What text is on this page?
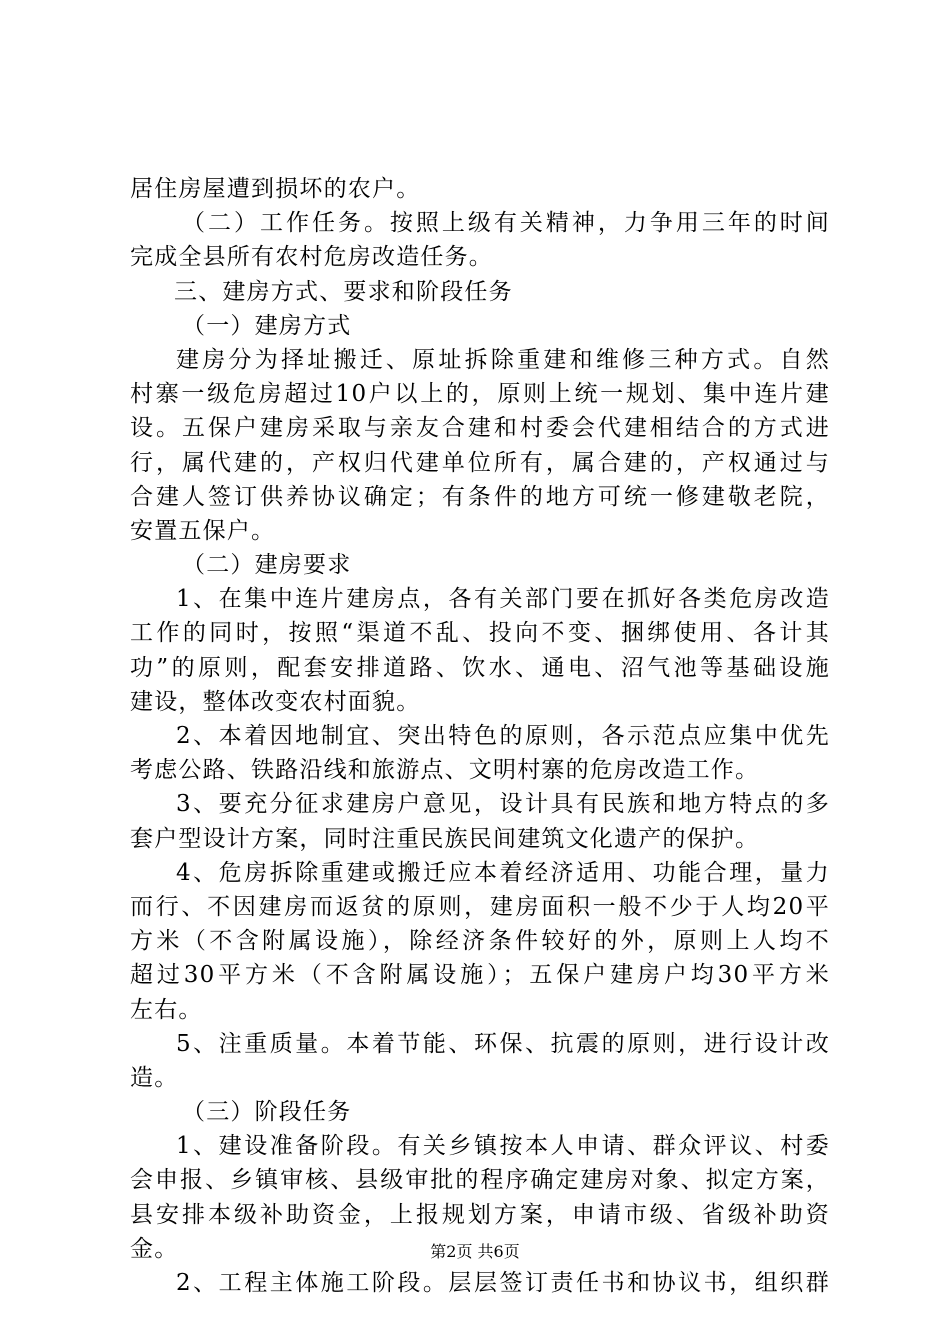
居住房屋遭到损坏的农户。
（二）工作任务。按照上级有关精神，力争用三年的时间
完成全县所有农村危房改造任务。
三、建房方式、要求和阶段任务
（一）建房方式
建房分为择址搬迁、原址拆除重建和维修三种方式。自然
村寨一级危房超过10户以上的，原则上统一规划、集中连片建
设。五保户建房采取与亲友合建和村委会代建相结合的方式进
行，属代建的，产权归代建单位所有，属合建的，产权通过与
合建人签订供养协议确定；有条件的地方可统一修建敬老院，
安置五保户。
（二）建房要求
1、在集中连片建房点，各有关部门要在抓好各类危房改造
工作的同时，按照“渠道不乱、投向不变、捆绑使用、各计其
功”的原则，配套安排道路、饮水、通电、沼气池等基础设施
建设，整体改变农村面貌。
2、本着因地制宜、突出特色的原则，各示范点应集中优先
考虑公路、铁路沿线和旅游点、文明村寨的危房改造工作。
3、要充分征求建房户意见，设计具有民族和地方特点的多
套户型设计方案，同时注重民族民间建筑文化遗产的保护。
4、危房拆除重建或搬迁应本着经济适用、功能合理，量力
而行、不因建房而返贫的原则，建房面积一般不少于人均20平
方米（不含附属设施），除经济条件较好的外，原则上人均不
超过30平方米（不含附属设施）；五保户建房户均30平方米
左右。
5、注重质量。本着节能、环保、抗震的原则，进行设计改
造。
（三）阶段任务
1、建设准备阶段。有关乡镇按本人申请、群众评议、村委
会申报、乡镇审核、县级审批的程序确定建房对象、拟定方案，
县安排本级补助资金，上报规划方案，申请市级、省级补助资
金。
2、工程主体施工阶段。层层签订责任书和协议书，组织群
第2页 共6页
